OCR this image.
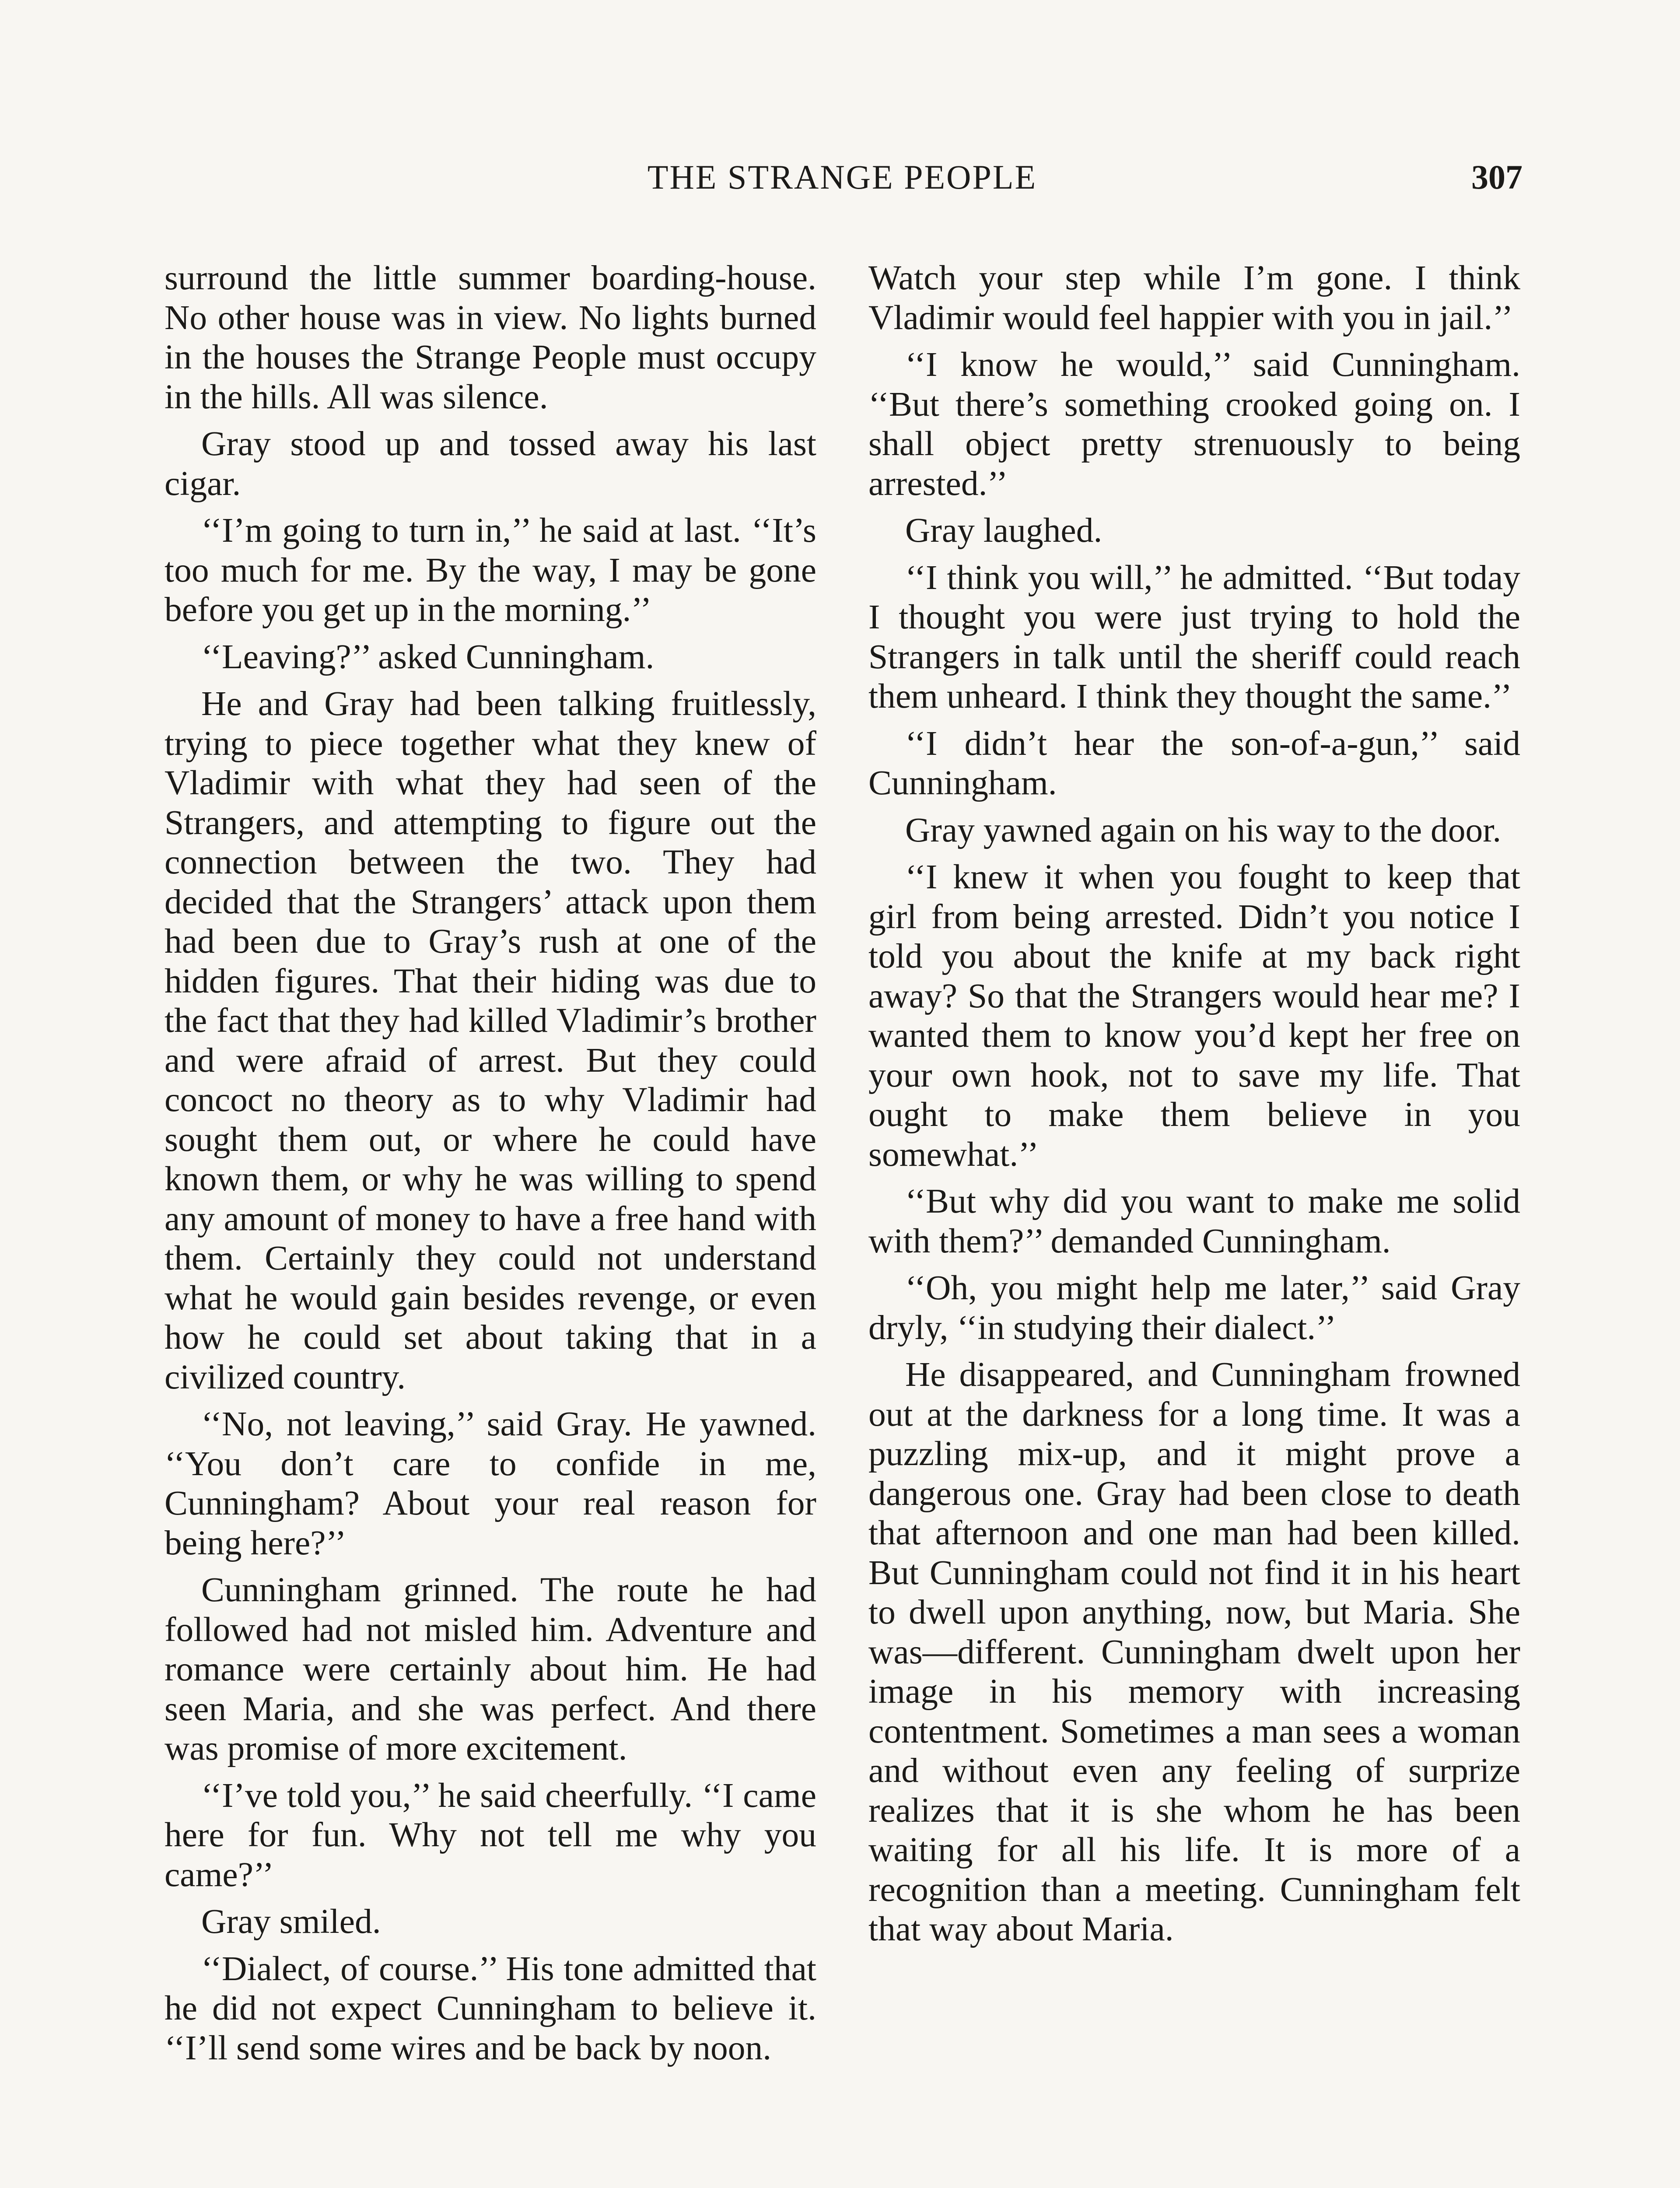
THE STRANGE PEOPLE	307

surround the little summer boarding-house. No other house was in view. No lights burned in the houses the Strange People must occupy in the hills. All was silence.

Gray stood up and tossed away his last cigar.

‘‘I’m going to turn in,’’ he said at last. ‘‘It’s too much for me. By the way, I may be gone before you get up in the morning.’’

‘‘Leaving?’’ asked Cunningham.

He and Gray had been talking fruitlessly, trying to piece together what they knew of Vladimir with what they had seen of the Strangers, and attempting to figure out the connection between the two. They had decided that the Strangers’ attack upon them had been due to Gray’s rush at one of the hidden figures. That their hiding was due to the fact that they had killed Vladimir’s brother and were afraid of arrest. But they could concoct no theory as to why Vladimir had sought them out, or where he could have known them, or why he was willing to spend any amount of money to have a free hand with them. Certainly they could not understand what he would gain besides revenge, or even how he could set about taking that in a civilized country.

‘‘No, not leaving,’’ said Gray. He yawned. ‘‘You don’t care to confide in me, Cunningham? About your real reason for being here?’’

Cunningham grinned. The route he had followed had not misled him. Adventure and romance were certainly about him. He had seen Maria, and she was perfect. And there was promise of more excitement.

‘‘I’ve told you,’’ he said cheerfully. ‘‘I came here for fun. Why not tell me why you came?’’

Gray smiled.

‘‘Dialect, of course.’’ His tone admitted that he did not expect Cunningham to believe it. ‘‘I’ll send some wires and be back by noon.

Watch your step while I’m gone. I think Vladimir would feel happier with you in jail.’’

‘‘I know he would,’’ said Cunningham. ‘‘But there’s something crooked going on. I shall object pretty strenuously to being arrested.’’

Gray laughed.

‘‘I think you will,’’ he admitted. ‘‘But today I thought you were just trying to hold the Strangers in talk until the sheriff could reach them unheard. I think they thought the same.’’

‘‘I didn’t hear the son-of-a-gun,’’ said Cunningham.

Gray yawned again on his way to the door.

‘‘I knew it when you fought to keep that girl from being arrested. Didn’t you notice I told you about the knife at my back right away? So that the Strangers would hear me? I wanted them to know you’d kept her free on your own hook, not to save my life. That ought to make them believe in you somewhat.’’

‘‘But why did you want to make me solid with them?’’ demanded Cunningham.

‘‘Oh, you might help me later,’’ said Gray dryly, ‘‘in studying their dialect.’’

He disappeared, and Cunningham frowned out at the darkness for a long time. It was a puzzling mix-up, and it might prove a dangerous one. Gray had been close to death that afternoon and one man had been killed. But Cunningham could not find it in his heart to dwell upon anything, now, but Maria. She was—different. Cunningham dwelt upon her image in his memory with increasing contentment. Sometimes a man sees a woman and without even any feeling of surprize realizes that it is she whom he has been waiting for all his life. It is more of a recognition than a meeting. Cunningham felt that way about Maria.
